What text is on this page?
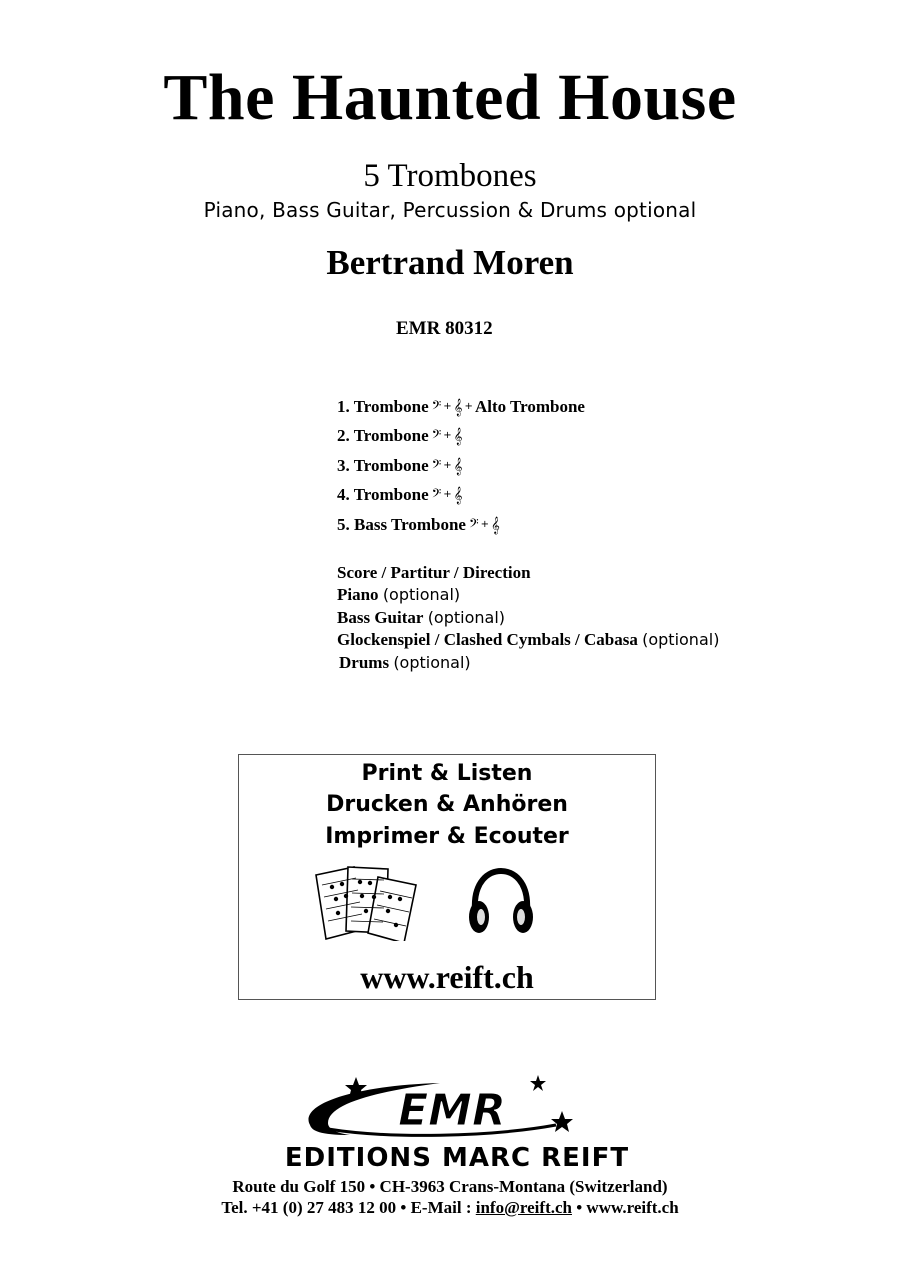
The Haunted House
5 Trombones
Piano, Bass Guitar, Percussion & Drums optional
Bertrand Moren
EMR 80312
1. Trombone 𝄢 + 𝄞 + Alto Trombone
2. Trombone 𝄢 + 𝄞
3. Trombone 𝄢 + 𝄞
4. Trombone 𝄢 + 𝄞
5. Bass Trombone 𝄢 + 𝄞
Score / Partitur / Direction
Piano (optional)
Bass Guitar (optional)
Glockenspiel / Clashed Cymbals / Cabasa (optional)
Drums (optional)
Print & Listen
Drucken & Anhören
Imprimer & Ecouter
www.reift.ch
EMR
EDITIONS MARC REIFT
Route du Golf 150 • CH-3963 Crans-Montana (Switzerland)
Tel. +41 (0) 27 483 12 00 • E-Mail : info@reift.ch • www.reift.ch
